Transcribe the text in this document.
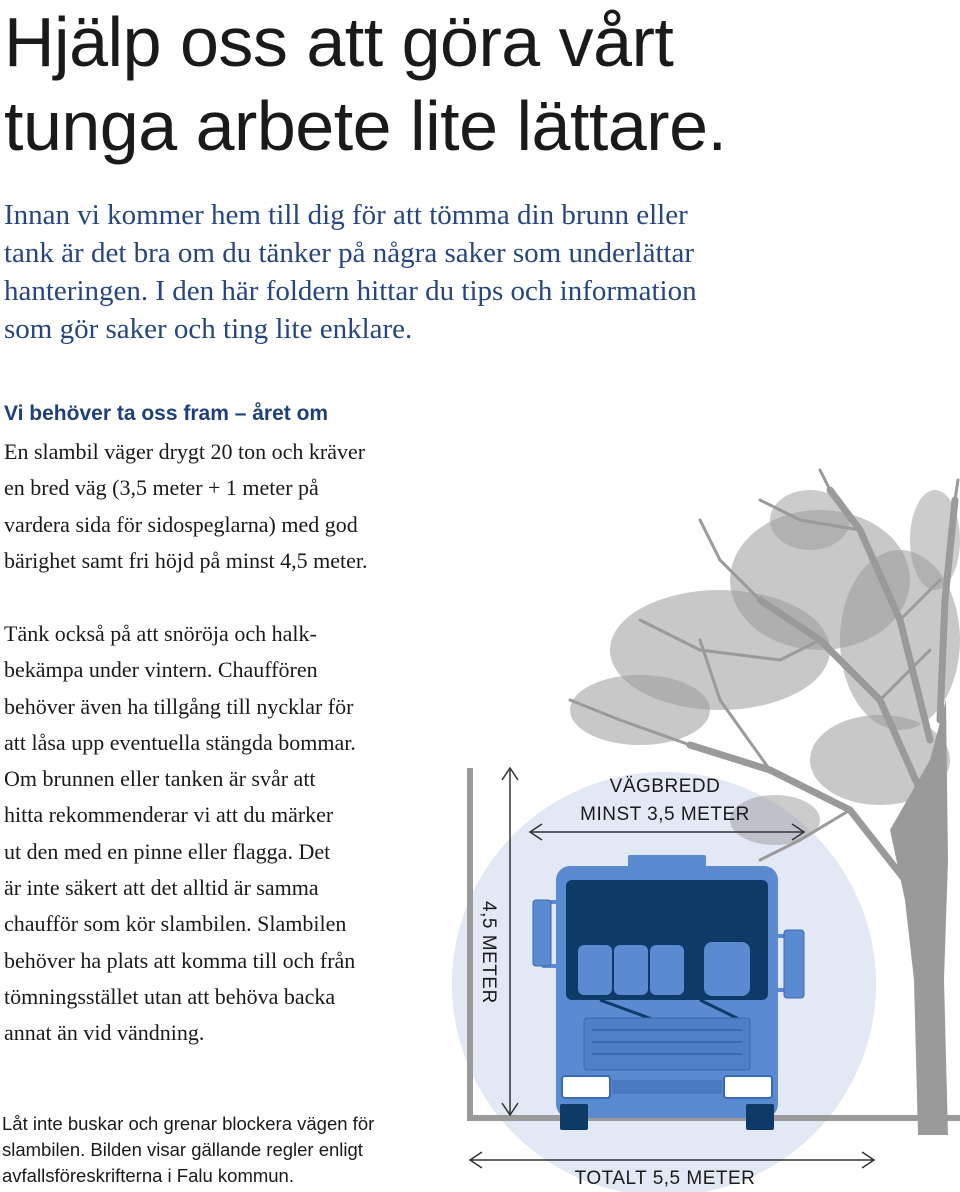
Hjälp oss att göra vårt
tunga arbete lite lättare.

Innan vi kommer hem till dig för att tömma din brunn eller
tank är det bra om du tänker på några saker som underlättar
hanteringen. I den här foldern hittar du tips och information
som gör saker och ting lite enklare.

Vi behöver ta oss fram – året om

En slambil väger drygt 20 ton och kräver
en bred väg (3,5 meter + 1 meter på
vardera sida för sidospeglarna) med god
bärighet samt fri höjd på minst 4,5 meter.

Tänk också på att snöröja och halk-
bekämpa under vintern. Chauffören
behöver även ha tillgång till nycklar för
att låsa upp eventuella stängda bommar.
Om brunnen eller tanken är svår att
hitta rekommenderar vi att du märker
ut den med en pinne eller flagga. Det
är inte säkert att det alltid är samma
chaufför som kör slambilen. Slambilen
behöver ha plats att komma till och från
tömningsstället utan att behöva backa
annat än vid vändning.

VÄGBREDD
MINST 3,5 METER
4,5 METER
TOTALT 5,5 METER

Låt inte buskar och grenar blockera vägen för
slambilen. Bilden visar gällande regler enligt
avfallsföreskrifterna i Falu kommun.
